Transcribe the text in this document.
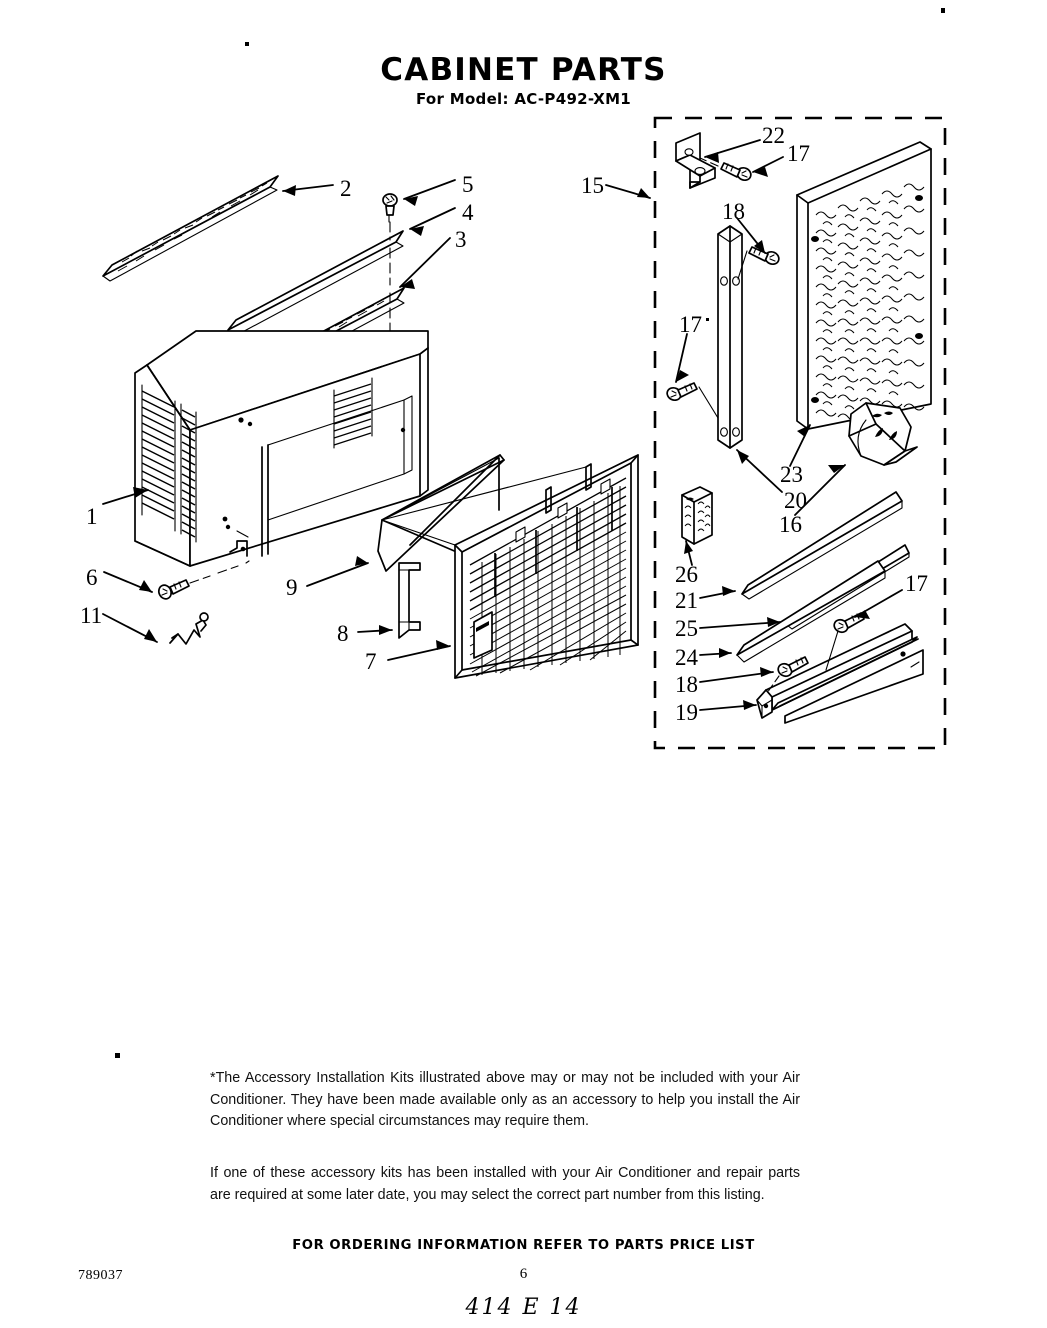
CABINET PARTS
For Model: AC-P492-XM1
1
2
3
4
5
6
7
8
9
11
15
16
17
17
17
18
18
19
20
21
22
23
24
25
26
*The Accessory Installation Kits illustrated above may or may not be included with your Air Conditioner. They have been made available only as an accessory to help you install the Air Conditioner where special circumstances may require them.
If one of these accessory kits has been installed with your Air Conditioner and repair parts are required at some later date, you may select the correct part number from this listing.
FOR ORDERING INFORMATION REFER TO PARTS PRICE LIST
789037	6
414 E 14
